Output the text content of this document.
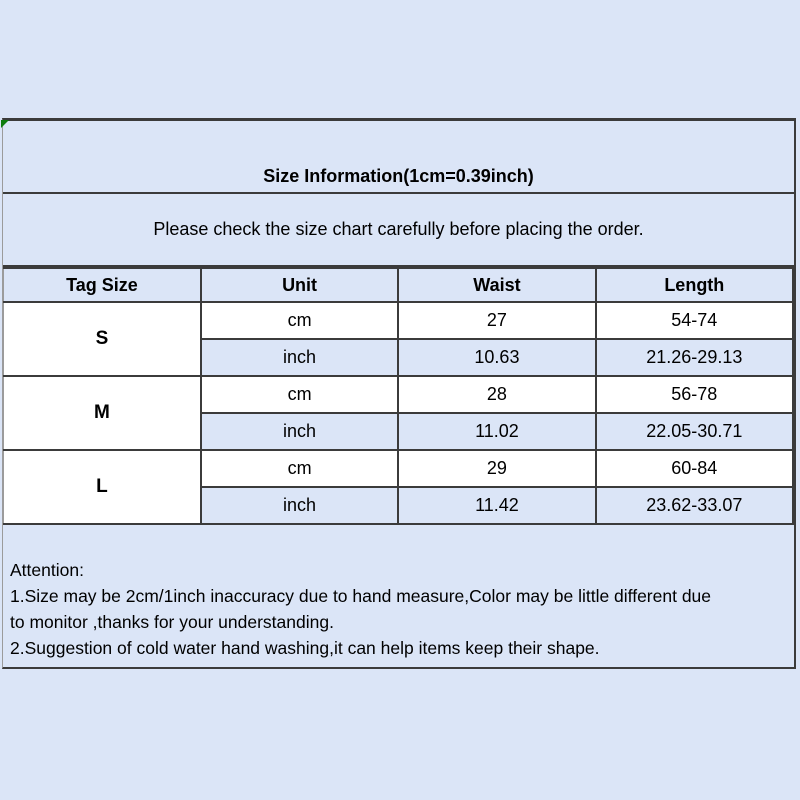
Size Information(1cm=0.39inch)
Please check the size chart carefully before placing the order.
Tag Size	Unit	Waist	Length
S	cm	27	54-74
	inch	10.63	21.26-29.13
M	cm	28	56-78
	inch	11.02	22.05-30.71
L	cm	29	60-84
	inch	11.42	23.62-33.07
Attention:
1.Size may be 2cm/1inch inaccuracy due to hand measure,Color may be little different due
to monitor ,thanks for your understanding.
2.Suggestion of cold water hand washing,it can help items keep their shape.
